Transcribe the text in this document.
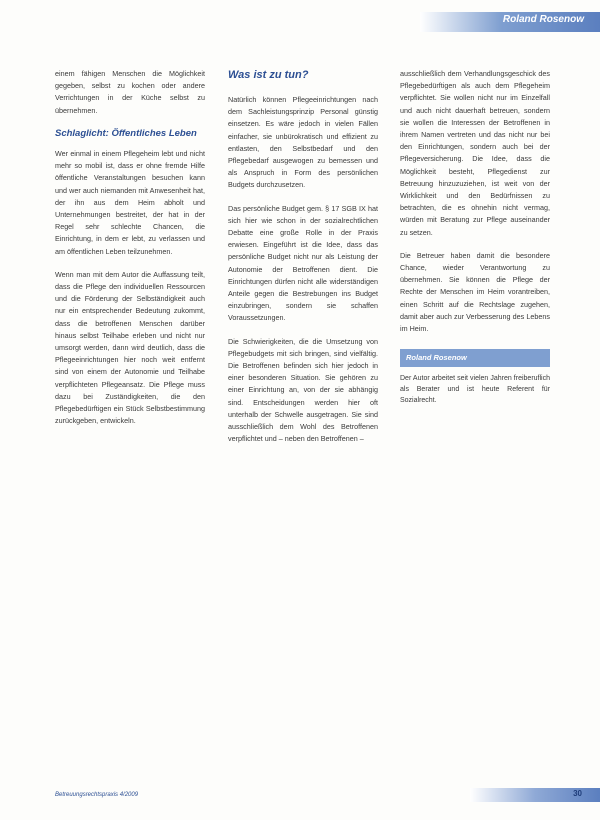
Roland Rosenow

einem fähigen Menschen die Möglichkeit gegeben, selbst zu kochen oder andere Verrichtungen in der Küche selbst zu übernehmen.

Schlaglicht: Öffentliches Leben

Wer einmal in einem Pflegeheim lebt und nicht mehr so mobil ist, dass er ohne fremde Hilfe öffentliche Veranstaltungen besuchen kann und wer auch niemanden mit Anwesenheit hat, der ihn aus dem Heim abholt und Unternehmungen bestreitet, der hat in der Regel sehr schlechte Chancen, die Einrichtung, in dem er lebt, zu verlassen und am öffentlichen Leben teilzunehmen.

Wenn man mit dem Autor die Auffassung teilt, dass die Pflege den individuellen Ressourcen und die Förderung der Selbständigkeit auch nur ein entsprechender Bedeutung zukommt, dass die betroffenen Menschen darüber hinaus selbst Teilhabe erleben und nicht nur umsorgt werden, dann wird deutlich, dass die Pflegeeinrichtungen hier noch weit entfernt sind von einem der Autonomie und Teilhabe verpflichteten Pflegeansatz. Die Pflege muss dazu bei Zuständigkeiten, die den Pflegebedürftigen ein Stück Selbstbestimmung zurückgeben, entwickeln.

Was ist zu tun?

Natürlich können Pflegeeinrichtungen nach dem Sachleistungsprinzip Personal günstig einsetzen. Es wäre jedoch in vielen Fällen einfacher, sie unbürokratisch und effizient zu entlasten, den Selbstbedarf und den Pflegebedarf ausgewogen zu bemessen und als Anspruch in Form des persönlichen Budgets durchzusetzen.

Das persönliche Budget gem. § 17 SGB IX hat sich hier wie schon in der sozialrechtlichen Debatte eine große Rolle in der Praxis erwiesen. Eingeführt ist die Idee, dass das persönliche Budget nicht nur als Leistung der Autonomie der Betroffenen dient. Die Einrichtungen dürfen nicht alle widerständigen Anteile gegen die Bestrebungen ins Budget einzubringen, sondern sie schaffen Voraussetzungen.

Die Schwierigkeiten, die die Umsetzung von Pflegebudgets mit sich bringen, sind vielfältig. Die Betroffenen befinden sich hier jedoch in einer besonderen Situation. Sie gehören zu einer Einrichtung an, von der sie abhängig sind. Entscheidungen werden hier oft unterhalb der Schwelle ausgetragen. Sie sind ausschließlich dem Wohl des Betroffenen verpflichtet und – neben den Betroffenen –

ausschließlich dem Verhandlungsgeschick des Pflegebedürftigen als auch dem Pflegeheim verpflichtet. Sie wollen nicht nur im Einzelfall und auch nicht dauerhaft betreuen, sondern sie wollen die Interessen der Betroffenen in ihrem Namen vertreten und das nicht nur bei den Einrichtungen, sondern auch bei der Pflegeversicherung. Die Idee, dass die Möglichkeit besteht, Pflegedienst zur Betreuung hinzuzuziehen, ist weit von der Wirklichkeit und den Bedürfnissen zu betrachten, die es ohnehin nicht vermag, würden mit Beratung zur Pflege auseinander zu setzen.

Die Betreuer haben damit die besondere Chance, wieder Verantwortung zu übernehmen. Sie können die Pflege der Rechte der Menschen im Heim vorantreiben, einen Schritt auf die Rechtslage zugehen, damit aber auch zur Verbesserung des Lebens im Heim.

Roland Rosenow

Der Autor arbeitet seit vielen Jahren freiberuflich als Berater und ist heute Referent für Sozialrecht.

Betreuungsrechtspraxis 4/2009	30
